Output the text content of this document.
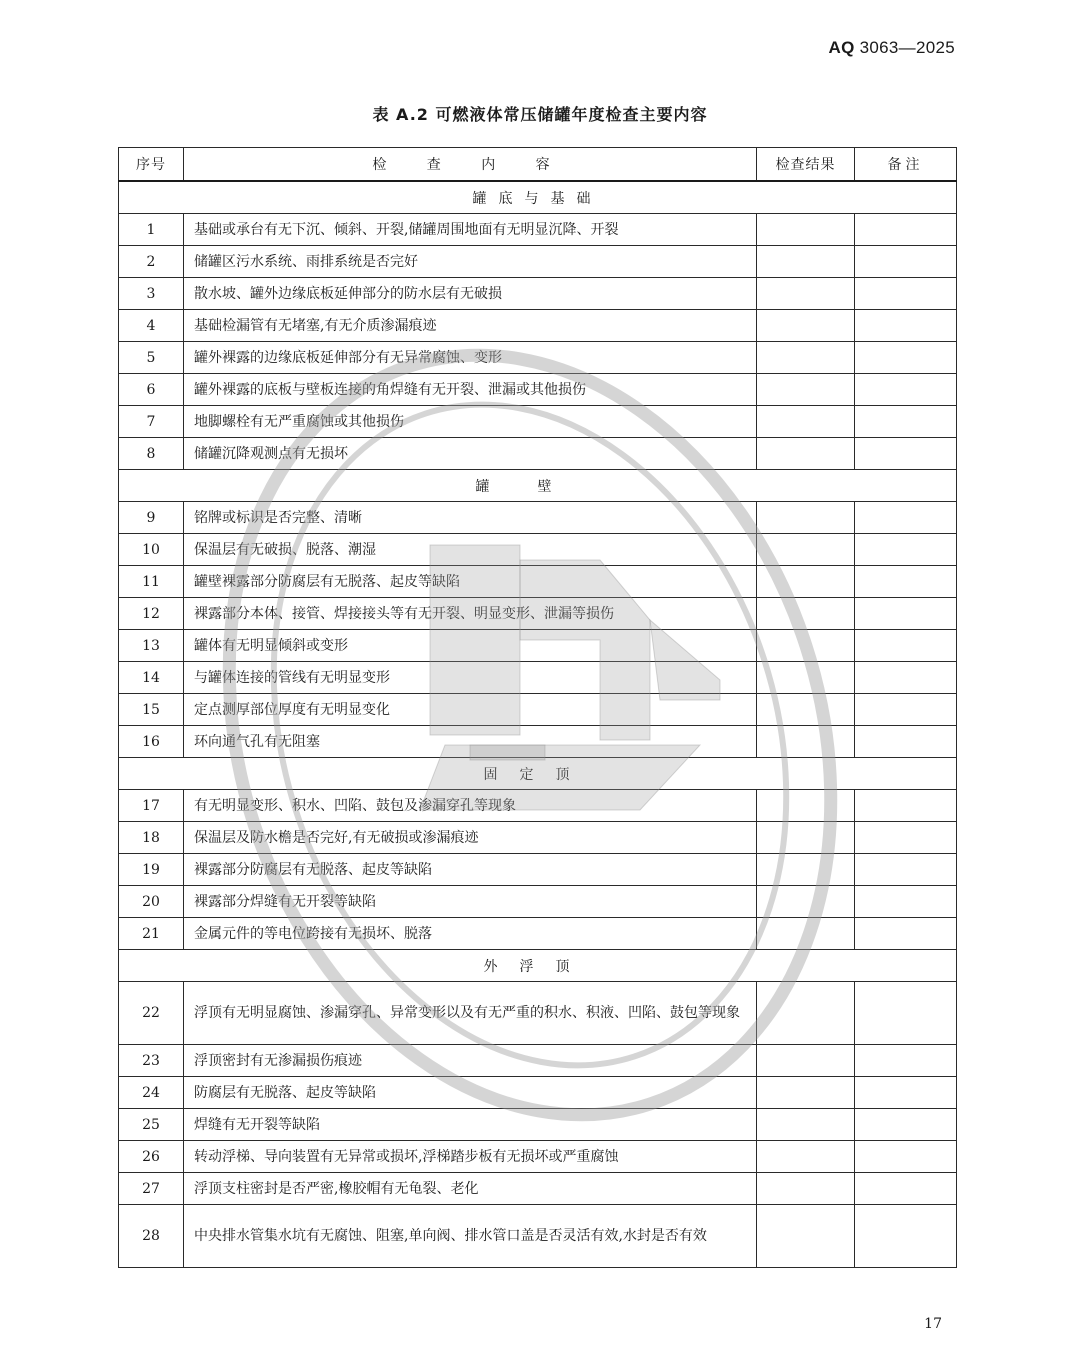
AQ 3063—2025
表 A.2 可燃液体常压储罐年度检查主要内容
序号	检 查 内 容	检查结果	备注
罐底与基础			
1	基础或承台有无下沉、倾斜、开裂,储罐周围地面有无明显沉降、开裂		
2	储罐区污水系统、雨排系统是否完好		
3	散水坡、罐外边缘底板延伸部分的防水层有无破损		
4	基础检漏管有无堵塞,有无介质渗漏痕迹		
5	罐外裸露的边缘底板延伸部分有无异常腐蚀、变形		
6	罐外裸露的底板与壁板连接的角焊缝有无开裂、泄漏或其他损伤		
7	地脚螺栓有无严重腐蚀或其他损伤		
8	储罐沉降观测点有无损坏		
罐壁			
9	铭牌或标识是否完整、清晰		
10	保温层有无破损、脱落、潮湿		
11	罐壁裸露部分防腐层有无脱落、起皮等缺陷		
12	裸露部分本体、接管、焊接接头等有无开裂、明显变形、泄漏等损伤		
13	罐体有无明显倾斜或变形		
14	与罐体连接的管线有无明显变形		
15	定点测厚部位厚度有无明显变化		
16	环向通气孔有无阻塞		
固定顶			
17	有无明显变形、积水、凹陷、鼓包及渗漏穿孔等现象		
18	保温层及防水檐是否完好,有无破损或渗漏痕迹		
19	裸露部分防腐层有无脱落、起皮等缺陷		
20	裸露部分焊缝有无开裂等缺陷		
21	金属元件的等电位跨接有无损坏、脱落		
外浮顶			
22	浮顶有无明显腐蚀、渗漏穿孔、异常变形以及有无严重的积水、积液、凹陷、鼓包等现象		
23	浮顶密封有无渗漏损伤痕迹		
24	防腐层有无脱落、起皮等缺陷		
25	焊缝有无开裂等缺陷		
26	转动浮梯、导向装置有无异常或损坏,浮梯踏步板有无损坏或严重腐蚀		
27	浮顶支柱密封是否严密,橡胶帽有无龟裂、老化		
28	中央排水管集水坑有无腐蚀、阻塞,单向阀、排水管口盖是否灵活有效,水封是否有效		
17
